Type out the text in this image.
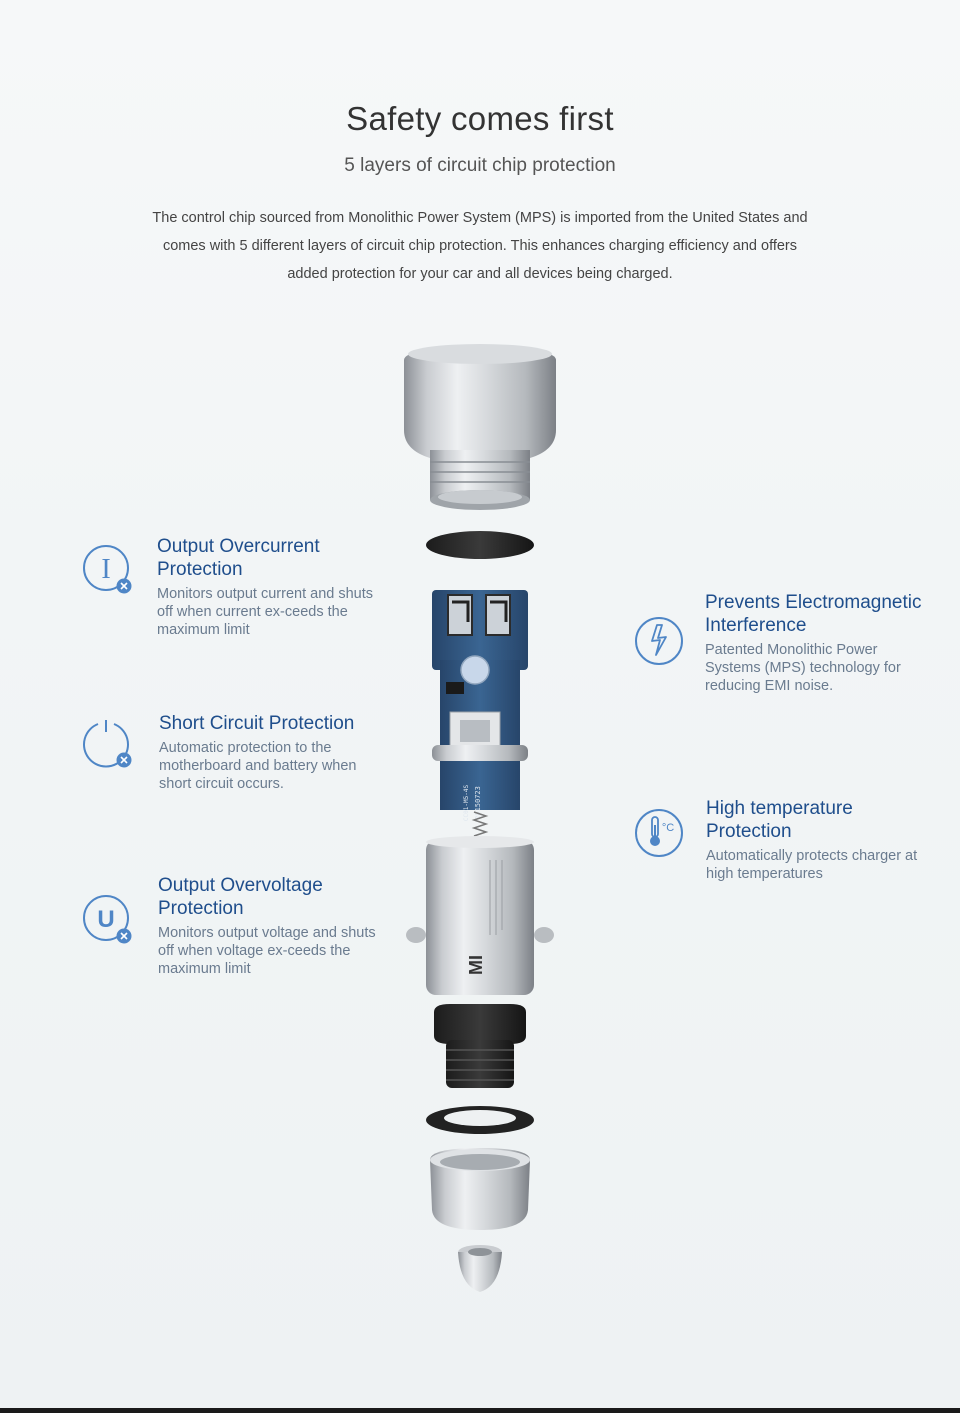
Safety comes first
5 layers of circuit chip protection
The control chip sourced from Monolithic Power System (MPS) is imported from the United States and comes with 5 different layers of circuit chip protection. This enhances charging efficiency and offers added protection for your car and all devices being charged.
I
Output Overcurrent Protection
Monitors output current and shuts off when current ex-ceeds the maximum limit
Short Circuit Protection
Automatic protection to the motherboard and battery when short circuit occurs.
U
Output Overvoltage Protection
Monitors output voltage and shuts off when voltage ex-ceeds the maximum limit
Prevents Electromagnetic Interference
Patented Monolithic Power Systems (MPS) technology for reducing EMI noise.
°C
High temperature Protection
Automatically protects charger at high temperatures
20150723
CC01-M5-4S
MI
